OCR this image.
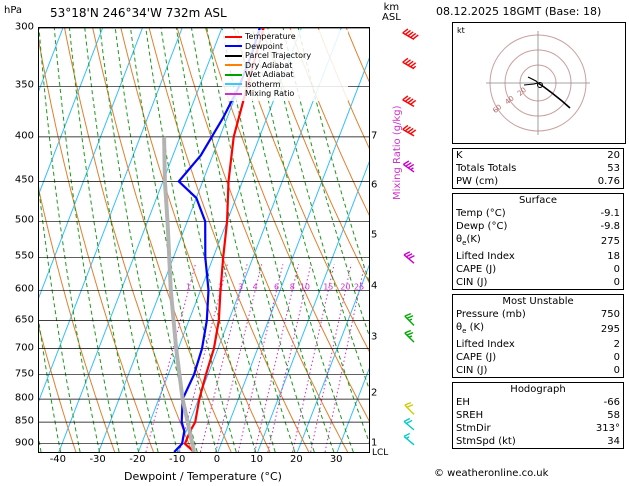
hPa 53°18'N 246°34'W 732m ASL	km
ASL
300
350
400
450
500
550
600
650
700
750
800
850
900
-40 -30 -20 -10	0	10	20	30
7
6
5
4
3
2
1
Dewpoint / Temperature (°C)
1	2 3 4 6 8 10 15 20 25
Temperature
Dewpoint
Parcel Trajectory
Dry Adiabat
Wet Adiabat
Isotherm
Mixing Ratio
Mixing Ratio (g/kg)
LCL
08.12.2025 18GMT (Base: 18)
kt
20
40
60
K	20
Totals Totals	53
PW (cm)	0.76
Surface	
Temp (°C)	-9.1
Dewp (°C)	-9.8
$\theta_e(K)$	275
Lifted Index	18
CAPE (J)	0
CIN (J)	0
Most Unstable	
Pressure (mb)	750
$\theta_e$ (K)	295
Lifted Index	2
CAPE (J)	0
CIN (J)	0
Hodograph	
EH	-66
SREH	58
StmDir	313°
StmSpd (kt)	34
© weatheronline.co.uk
